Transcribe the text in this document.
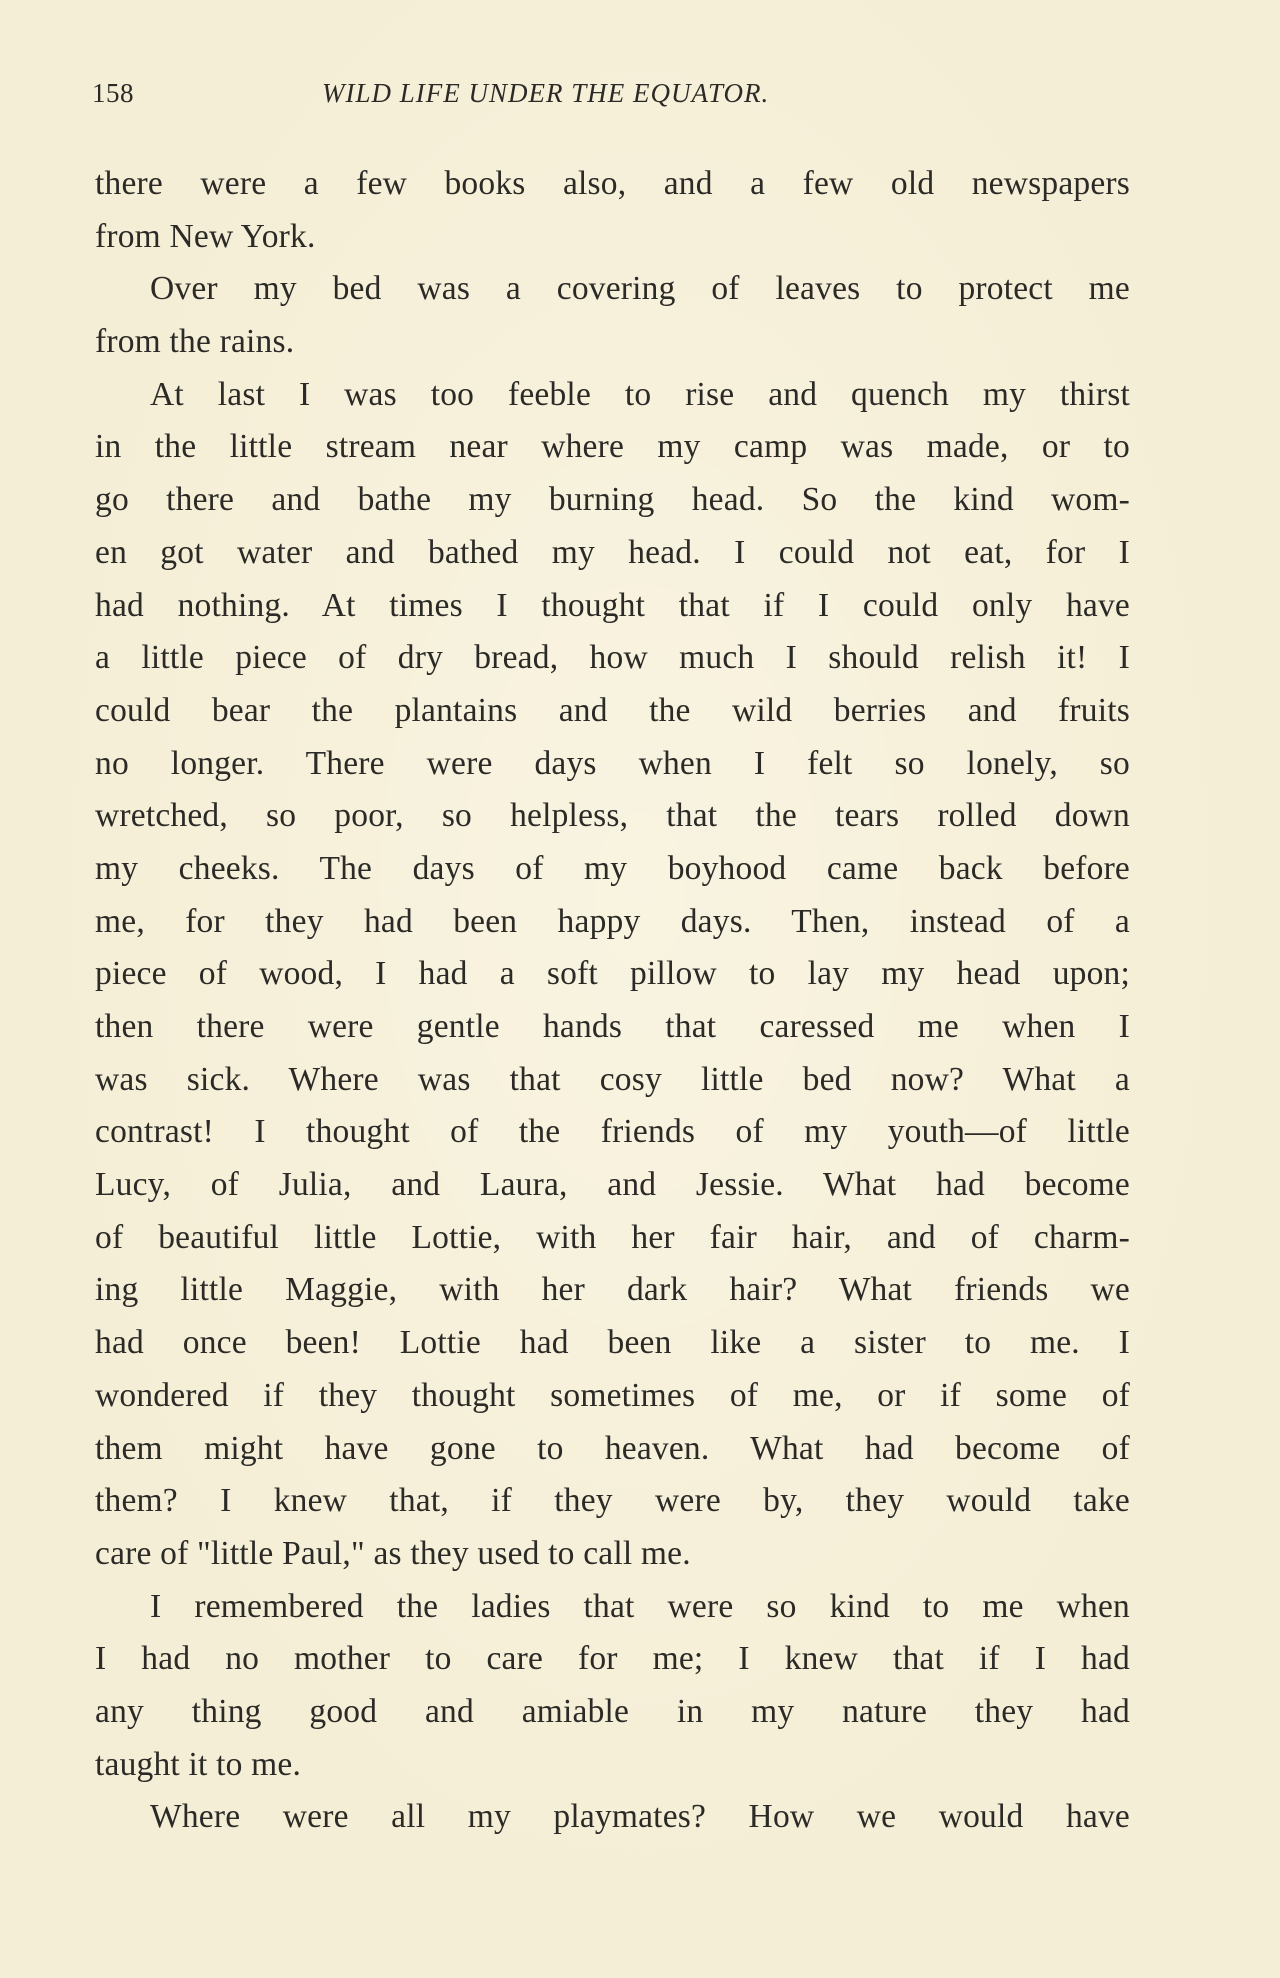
158	WILD LIFE UNDER THE EQUATOR.
there were a few books also, and a few old newspapers
from New York.
Over my bed was a covering of leaves to protect me
from the rains.
At last I was too feeble to rise and quench my thirst
in the little stream near where my camp was made, or to
go there and bathe my burning head. So the kind wom-
en got water and bathed my head. I could not eat, for I
had nothing. At times I thought that if I could only have
a little piece of dry bread, how much I should relish it! I
could bear the plantains and the wild berries and fruits
no longer. There were days when I felt so lonely, so
wretched, so poor, so helpless, that the tears rolled down
my cheeks. The days of my boyhood came back before
me, for they had been happy days. Then, instead of a
piece of wood, I had a soft pillow to lay my head upon;
then there were gentle hands that caressed me when I
was sick. Where was that cosy little bed now? What a
contrast! I thought of the friends of my youth—of little
Lucy, of Julia, and Laura, and Jessie. What had become
of beautiful little Lottie, with her fair hair, and of charm-
ing little Maggie, with her dark hair? What friends we
had once been! Lottie had been like a sister to me. I
wondered if they thought sometimes of me, or if some of
them might have gone to heaven. What had become of
them? I knew that, if they were by, they would take
care of "little Paul," as they used to call me.
I remembered the ladies that were so kind to me when
I had no mother to care for me; I knew that if I had
any thing good and amiable in my nature they had
taught it to me.
Where were all my playmates? How we would have
